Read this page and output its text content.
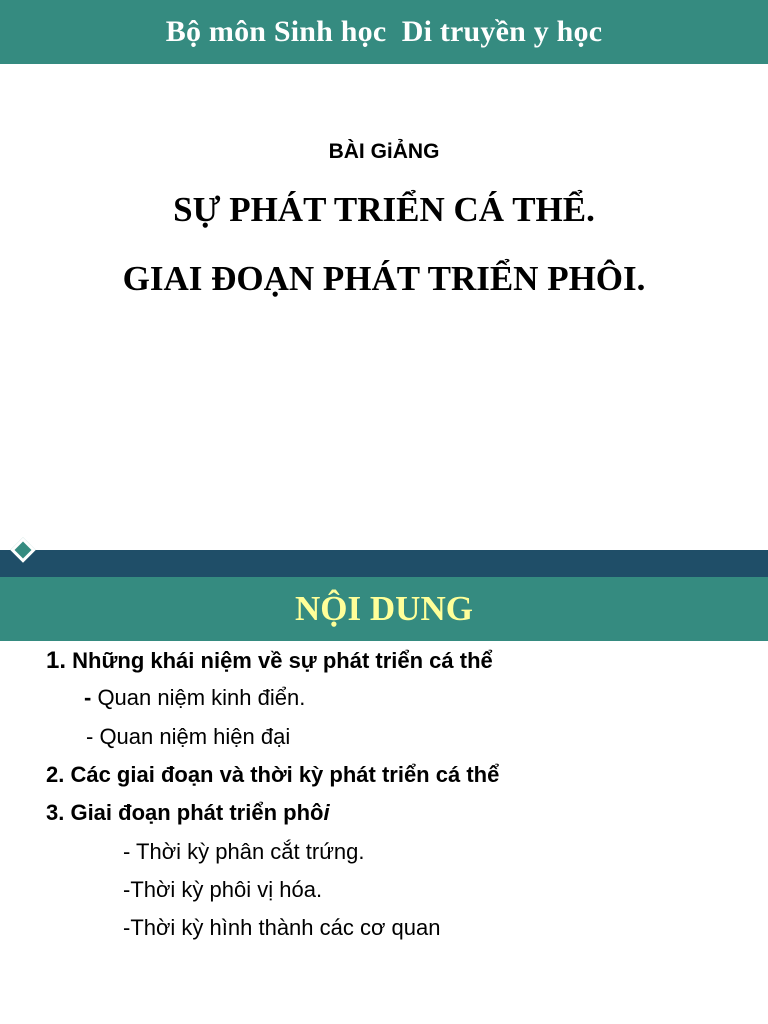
Bộ môn Sinh học  Di truyền y học
BÀI GiẢNG
SỰ PHÁT TRIỂN CÁ THỂ.
GIAI ĐOẠN PHÁT TRIỂN PHÔI.
NỘI DUNG
1. Những khái niệm về sự phát triển cá thể
- Quan niệm kinh điển.
- Quan niệm hiện đại
2. Các giai đoạn và thời kỳ phát triển cá thể
3. Giai đoạn phát triển phôi
- Thời kỳ phân cắt trứng.
-Thời kỳ phôi vị hóa.
-Thời kỳ hình thành các cơ quan
